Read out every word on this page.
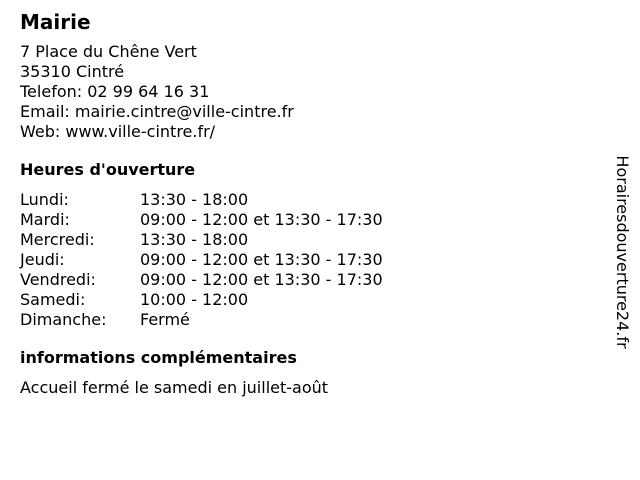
Mairie
7 Place du Chêne Vert
35310 Cintré
Telefon: 02 99 64 16 31
Email: mairie.cintre@ville-cintre.fr
Web: www.ville-cintre.fr/
Heures d'ouverture
Lundi:	13:30 - 18:00
Mardi:	09:00 - 12:00 et 13:30 - 17:30
Mercredi:	13:30 - 18:00
Jeudi:	09:00 - 12:00 et 13:30 - 17:30
Vendredi:	09:00 - 12:00 et 13:30 - 17:30
Samedi:	10:00 - 12:00
Dimanche:	Fermé
informations complémentaires
Accueil fermé le samedi en juillet-août
Horairesdouverture24.fr
